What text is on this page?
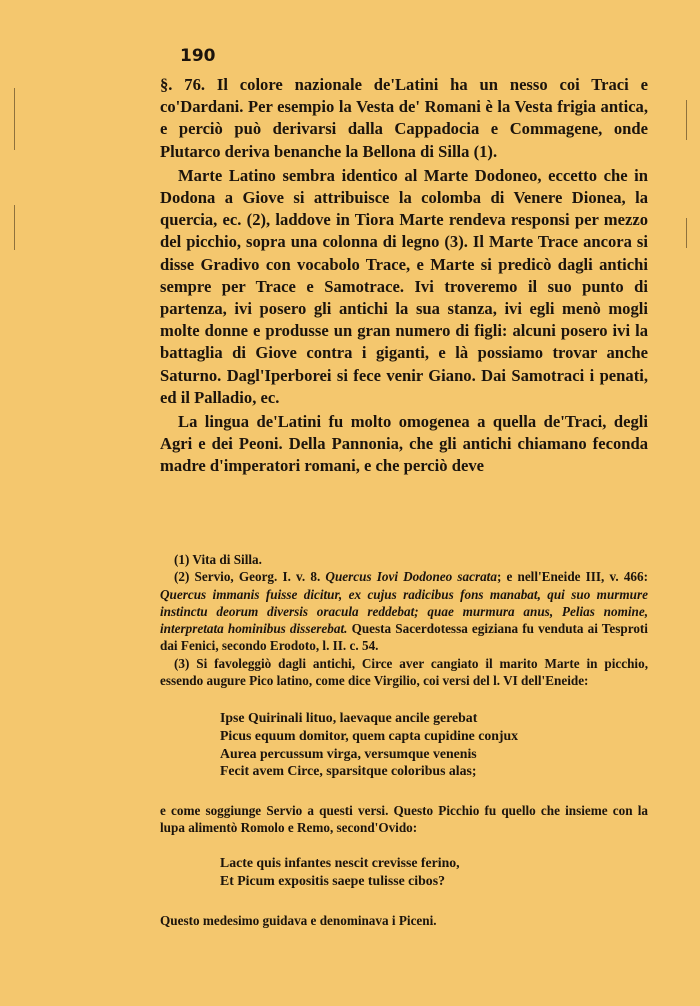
190

§. 76. Il colore nazionale de'Latini ha un nesso coi Traci e co'Dardani. Per esempio la Vesta de' Romani è la Vesta frigia antica, e perciò può derivarsi dalla Cappadocia e Commagene, onde Plutarco deriva benanche la Bellona di Silla (1).

Marte Latino sembra identico al Marte Dodoneo, eccetto che in Dodona a Giove si attribuisce la colomba di Venere Dionea, la quercia, ec. (2), laddove in Tiora Marte rendeva responsi per mezzo del picchio, sopra una colonna di legno (3). Il Marte Trace ancora si disse Gradivo con vocabolo Trace, e Marte si predicò dagli antichi sempre per Trace e Samotrace. Ivi troveremo il suo punto di partenza, ivi posero gli antichi la sua stanza, ivi egli menò mogli molte donne e produsse un gran numero di figli: alcuni posero ivi la battaglia di Giove contra i giganti, e là possiamo trovar anche Saturno. Dagl'Iperborei si fece venir Giano. Dai Samotraci i penati, ed il Palladio, ec.

La lingua de'Latini fu molto omogenea a quella de'Traci, degli Agri e dei Peoni. Della Pannonia, che gli antichi chiamano feconda madre d'imperatori romani, e che perciò deve

(1) Vita di Silla.

(2) Servio, Georg. I. v. 8. Quercus Iovi Dodoneo sacrata; e nell'Eneide III, v. 466: Quercus immanis fuisse dicitur, ex cujus radicibus fons manabat, qui suo murmure instinctu deorum diversis oracula reddebat; quae murmura anus, Pelias nomine, interpretata hominibus disserebat. Questa Sacerdotessa egiziana fu venduta ai Tesproti dai Fenici, secondo Erodoto, l. II. c. 54.

(3) Si favoleggiò dagli antichi, Circe aver cangiato il marito Marte in picchio, essendo augure Pico latino, come dice Virgilio, coi versi del l. VI dell'Eneide:

Ipse Quirinali lituo, laevaque ancile gerebat
Picus equum domitor, quem capta cupidine conjux
Aurea percussum virga, versumque venenis
Fecit avem Circe, sparsitque coloribus alas;

e come soggiunge Servio a questi versi. Questo Picchio fu quello che insieme con la lupa alimentò Romolo e Remo, second'Ovido:

Lacte quis infantes nescit crevisse ferino,
Et Picum expositis saepe tulisse cibos?

Questo medesimo guidava e denominava i Piceni.
